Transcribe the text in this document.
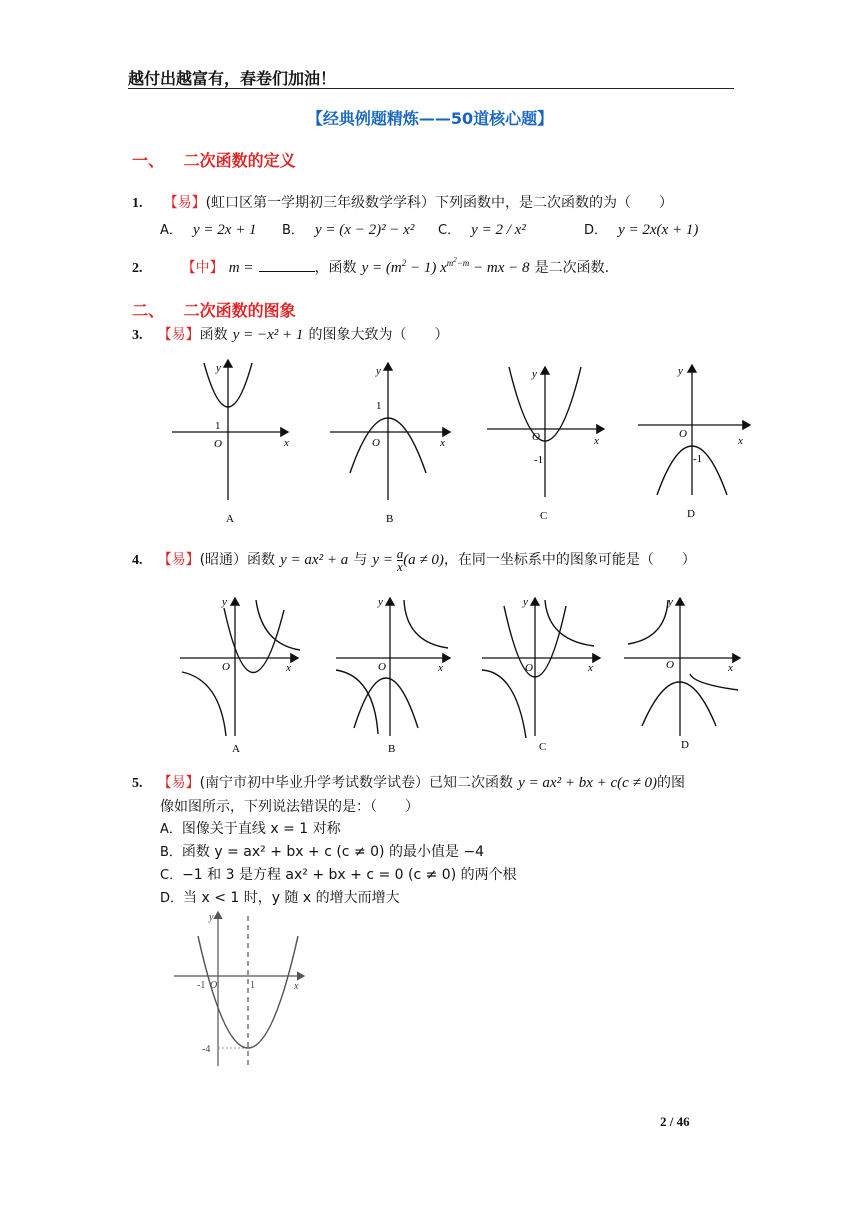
越付出越富有，春卷们加油！
【经典例题精炼——50道核心题】
一、 二次函数的定义
1. 【易】(虹口区第一学期初三年级数学学科）下列函数中，是二次函数的为（　　）
A． y = 2x + 1 B． y = (x − 2)² − x² C． y = 2 / x²	D． y = 2x(x + 1)
2.	【中】 m =	，函数 $y = (m^2 - 1) x^{m^2-m}$ − mx − 8 是二次函数.
二、 二次函数的图象
3. 【易】函数 y = −x² + 1 的图象大致为（　　）
y
x
O
1
A
y
x
O
1
B
y
x
O
-1
C
y
x
O
-1
D
4. 【易】(昭通）函数 y = ax² + a 与 $y = \frac{a}{x} (a \ne 0)$，在同一坐标系中的图象可能是（　　）
y
x
O
A
y
x
O
B
y
x
O
C
y
x
O
D
5. 【易】(南宁市初中毕业升学考试数学试卷）已知二次函数 y = ax² + bx + c(c ≠ 0)的图
像如图所示，下列说法错误的是：（　　）
A．图像关于直线 x = 1 对称
B．函数 y = ax² + bx + c (c ≠ 0) 的最小值是 −4
C．−1 和 3 是方程 ax² + bx + c = 0 (c ≠ 0) 的两个根
D．当 x < 1 时，y 随 x 的增大而增大
y
x
-1 O	1
-4
2 / 46
